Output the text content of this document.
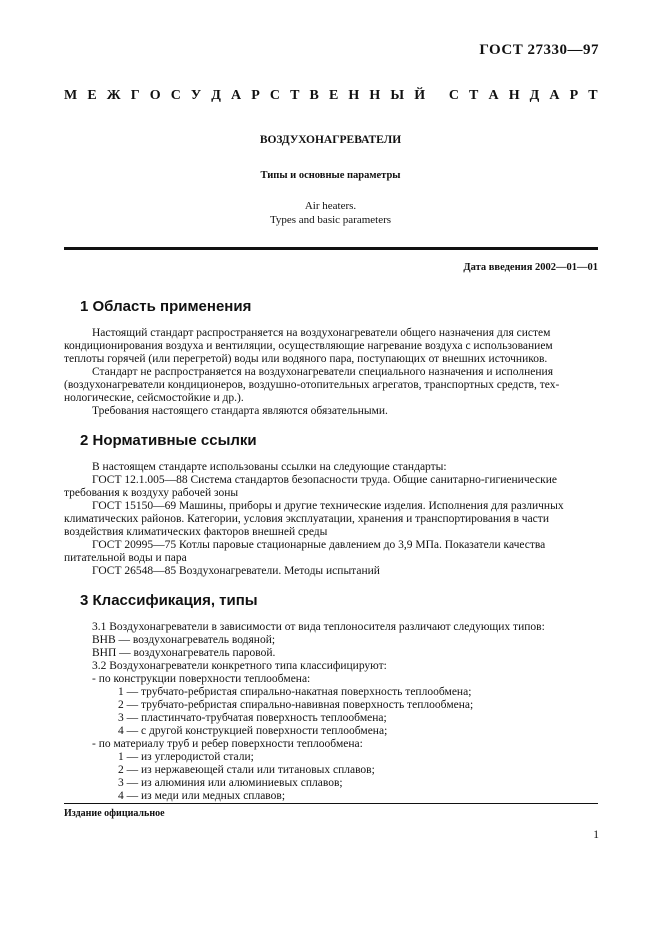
ГОСТ 27330—97
М Е Ж Г О С У Д А Р С Т В Е Н Н Ы Й
С Т А Н Д А Р Т
ВОЗДУХОНАГРЕВАТЕЛИ
Типы и основные параметры
Air heaters.
Types and basic parameters
Дата введения 2002—01—01
1 Область применения
Настоящий стандарт распространяется на воздухонагреватели общего назначения для систем
кондиционирования воздуха и вентиляции, осуществляющие нагревание воздуха с использованием
теплоты горячей (или перегретой) воды или водяного пара, поступающих от внешних источников.
Стандарт не распространяется на воздухонагреватели специального назначения и исполнения
(воздухонагреватели кондиционеров, воздушно-отопительных агрегатов, транспортных средств, тех-
нологические, сейсмостойкие и др.).
Требования настоящего стандарта являются обязательными.
2 Нормативные ссылки
В настоящем стандарте использованы ссылки на следующие стандарты:
ГОСТ 12.1.005—88 Система стандартов безопасности труда. Общие санитарно-гигиенические
требования к воздуху рабочей зоны
ГОСТ 15150—69 Машины, приборы и другие технические изделия. Исполнения для различных
климатических районов. Категории, условия эксплуатации, хранения и транспортирования в части
воздействия климатических факторов внешней среды
ГОСТ 20995—75 Котлы паровые стационарные давлением до 3,9 МПа. Показатели качества
питательной воды и пара
ГОСТ 26548—85 Воздухонагреватели. Методы испытаний
3 Классификация, типы
3.1 Воздухонагреватели в зависимости от вида теплоносителя различают следующих типов:
ВНВ — воздухонагреватель водяной;
ВНП — воздухонагреватель паровой.
3.2 Воздухонагреватели конкретного типа классифицируют:
- по конструкции поверхности теплообмена:
1 — трубчато-ребристая спирально-накатная поверхность теплообмена;
2 — трубчато-ребристая спирально-навивная поверхность теплообмена;
3 — пластинчато-трубчатая поверхность теплообмена;
4 — с другой конструкцией поверхности теплообмена;
- по материалу труб и ребер поверхности теплообмена:
1 — из углеродистой стали;
2 — из нержавеющей стали или титановых сплавов;
3 — из алюминия или алюминиевых сплавов;
4 — из меди или медных сплавов;
Издание официальное
1
